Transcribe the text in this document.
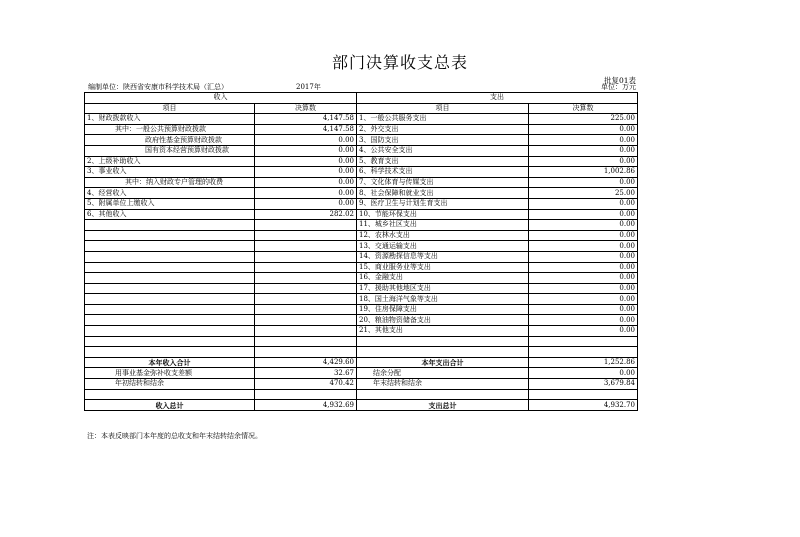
部门决算收支总表
批复01表
编制单位：陕西省安康市科学技术局（汇总）	2017年	单位：万元
收入		支出	
项目	决算数	项目	决算数
1、财政拨款收入	4,147.58	1、一般公共服务支出	225.00
其中：一般公共预算财政拨款	4,147.58	2、外交支出	0.00
政府性基金预算财政拨款	0.00	3、国防支出	0.00
国有资本经营预算财政拨款	0.00	4、公共安全支出	0.00
2、上级补助收入	0.00	5、教育支出	0.00
3、事业收入	0.00	6、科学技术支出	1,002.86
其中：纳入财政专户管理的收费	0.00	7、文化体育与传媒支出	0.00
4、经营收入	0.00	8、社会保障和就业支出	25.00
5、附属单位上缴收入	0.00	9、医疗卫生与计划生育支出	0.00
6、其他收入	282.02	10、节能环保支出	0.00
		11、城乡社区支出	0.00
		12、农林水支出	0.00
		13、交通运输支出	0.00
		14、资源勘探信息等支出	0.00
		15、商业服务业等支出	0.00
		16、金融支出	0.00
		17、援助其他地区支出	0.00
		18、国土海洋气象等支出	0.00
		19、住房保障支出	0.00
		20、粮油物资储备支出	0.00
		21、其他支出	0.00

本年收入合计	4,429.60	本年支出合计	1,252.86
用事业基金弥补收支差额	32.67	结余分配	0.00
年初结转和结余	470.42	年末结转和结余	3,679.84

收入总计	4,932.69	支出总计	4,932.70
注：本表反映部门本年度的总收支和年末结转结余情况。
